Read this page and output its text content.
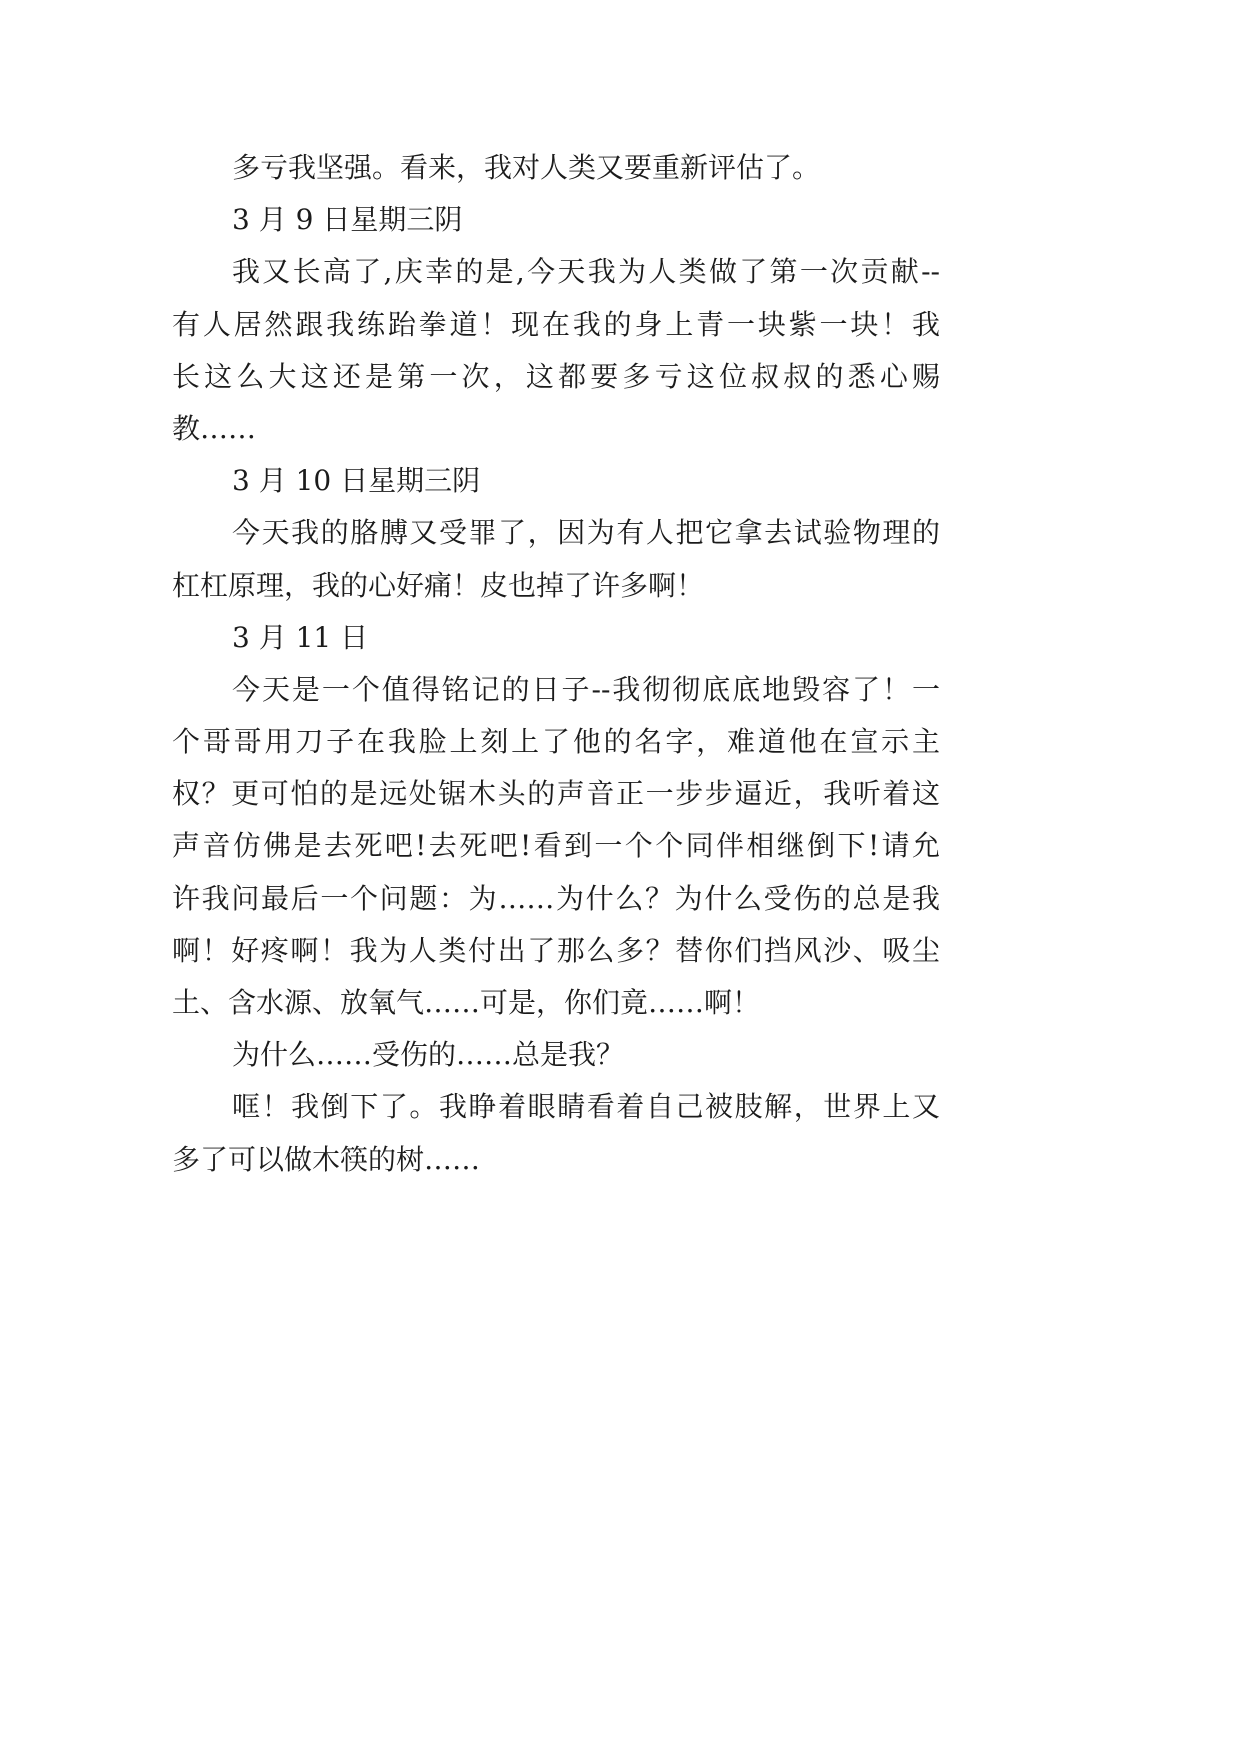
多亏我坚强。看来，我对人类又要重新评估了。
3 月 9 日星期三阴
我又长高了,庆幸的是,今天我为人类做了第一次贡献--
有人居然跟我练跆拳道！现在我的身上青一块紫一块！我
长这么大这还是第一次，这都要多亏这位叔叔的悉心赐
教……
3 月 10 日星期三阴
今天我的胳膊又受罪了，因为有人把它拿去试验物理的
杠杠原理，我的心好痛！皮也掉了许多啊！
3 月 11 日
今天是一个值得铭记的日子--我彻彻底底地毁容了！一
个哥哥用刀子在我脸上刻上了他的名字，难道他在宣示主
权？更可怕的是远处锯木头的声音正一步步逼近，我听着这
声音仿佛是去死吧!去死吧!看到一个个同伴相继倒下!请允
许我问最后一个问题：为……为什么？为什么受伤的总是我
啊！好疼啊！我为人类付出了那么多？替你们挡风沙、吸尘
土、含水源、放氧气……可是，你们竟……啊！
为什么……受伤的……总是我？
哐！我倒下了。我睁着眼睛看着自己被肢解，世界上又
多了可以做木筷的树……
